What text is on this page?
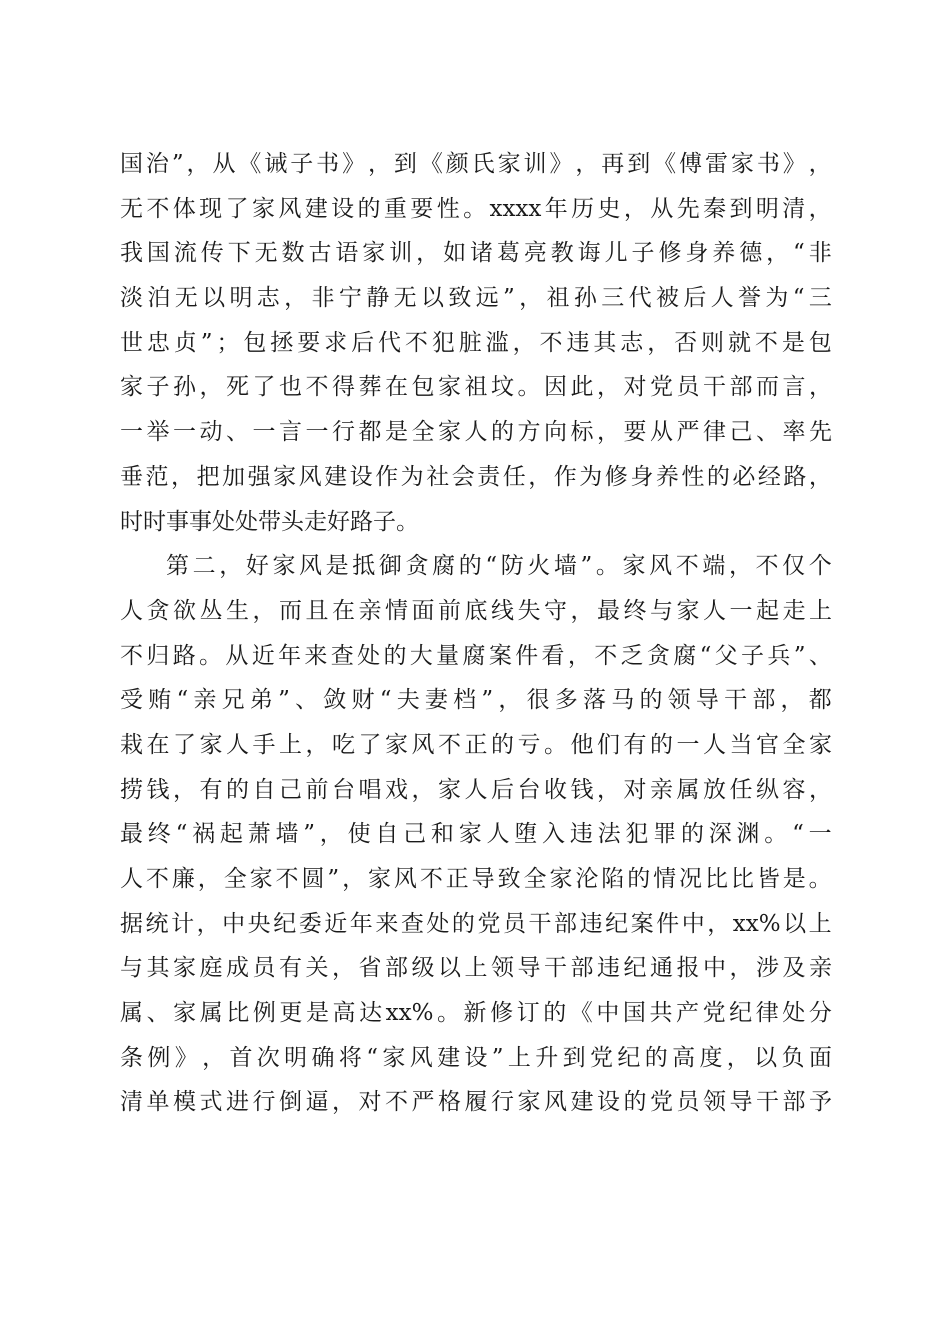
国 治 ” ， 从 《 诫 子 书 》 ， 到 《 颜 氏 家 训 》 ， 再 到 《 傅 雷 家 书 》 ，
无 不 体 现 了 家 风 建 设 的 重 要 性 。 xxxx 年 历 史 ， 从 先 秦 到 明 清 ，
我 国 流 传 下 无 数 古 语 家 训 ， 如 诸 葛 亮 教 诲 儿 子 修 身 养 德 ， “ 非
淡 泊 无 以 明 志 ， 非 宁 静 无 以 致 远 ” ， 祖 孙 三 代 被 后 人 誉 为 “ 三
世 忠 贞 ” ； 包 拯 要 求 后 代 不 犯 脏 滥 ， 不 违 其 志 ， 否 则 就 不 是 包
家 子 孙 ， 死 了 也 不 得 葬 在 包 家 祖 坟 。 因 此 ， 对 党 员 干 部 而 言 ，
一 举 一 动 、 一 言 一 行 都 是 全 家 人 的 方 向 标 ， 要 从 严 律 己 、 率 先
垂 范 ， 把 加 强 家 风 建 设 作 为 社 会 责 任 ， 作 为 修 身 养 性 的 必 经 路 ，
时时事事处处带头走好路子。
第 二 ， 好 家 风 是 抵 御 贪 腐 的 “ 防 火 墙 ” 。 家 风 不 端 ， 不 仅 个
人 贪 欲 丛 生 ， 而 且 在 亲 情 面 前 底 线 失 守 ， 最 终 与 家 人 一 起 走 上
不 归 路 。 从 近 年 来 查 处 的 大 量 腐 案 件 看 ， 不 乏 贪 腐 “ 父 子 兵 ” 、
受 贿 “ 亲 兄 弟 ” 、 敛 财 “ 夫 妻 档 ” ， 很 多 落 马 的 领 导 干 部 ， 都
栽 在 了 家 人 手 上 ， 吃 了 家 风 不 正 的 亏 。 他 们 有 的 一 人 当 官 全 家
捞 钱 ， 有 的 自 己 前 台 唱 戏 ， 家 人 后 台 收 钱 ， 对 亲 属 放 任 纵 容 ，
最 终 “ 祸 起 萧 墙 ” ， 使 自 己 和 家 人 堕 入 违 法 犯 罪 的 深 渊 。 “ 一
人 不 廉 ， 全 家 不 圆 ” ， 家 风 不 正 导 致 全 家 沦 陷 的 情 况 比 比 皆 是 。
据 统 计 ， 中 央 纪 委 近 年 来 查 处 的 党 员 干 部 违 纪 案 件 中 ， xx% 以 上
与 其 家 庭 成 员 有 关 ， 省 部 级 以 上 领 导 干 部 违 纪 通 报 中 ， 涉 及 亲
属 、 家 属 比 例 更 是 高 达 xx% 。 新 修 订 的 《 中 国 共 产 党 纪 律 处 分
条 例 》 ， 首 次 明 确 将 “ 家 风 建 设 ” 上 升 到 党 纪 的 高 度 ， 以 负 面
清 单 模 式 进 行 倒 逼 ， 对 不 严 格 履 行 家 风 建 设 的 党 员 领 导 干 部 予
